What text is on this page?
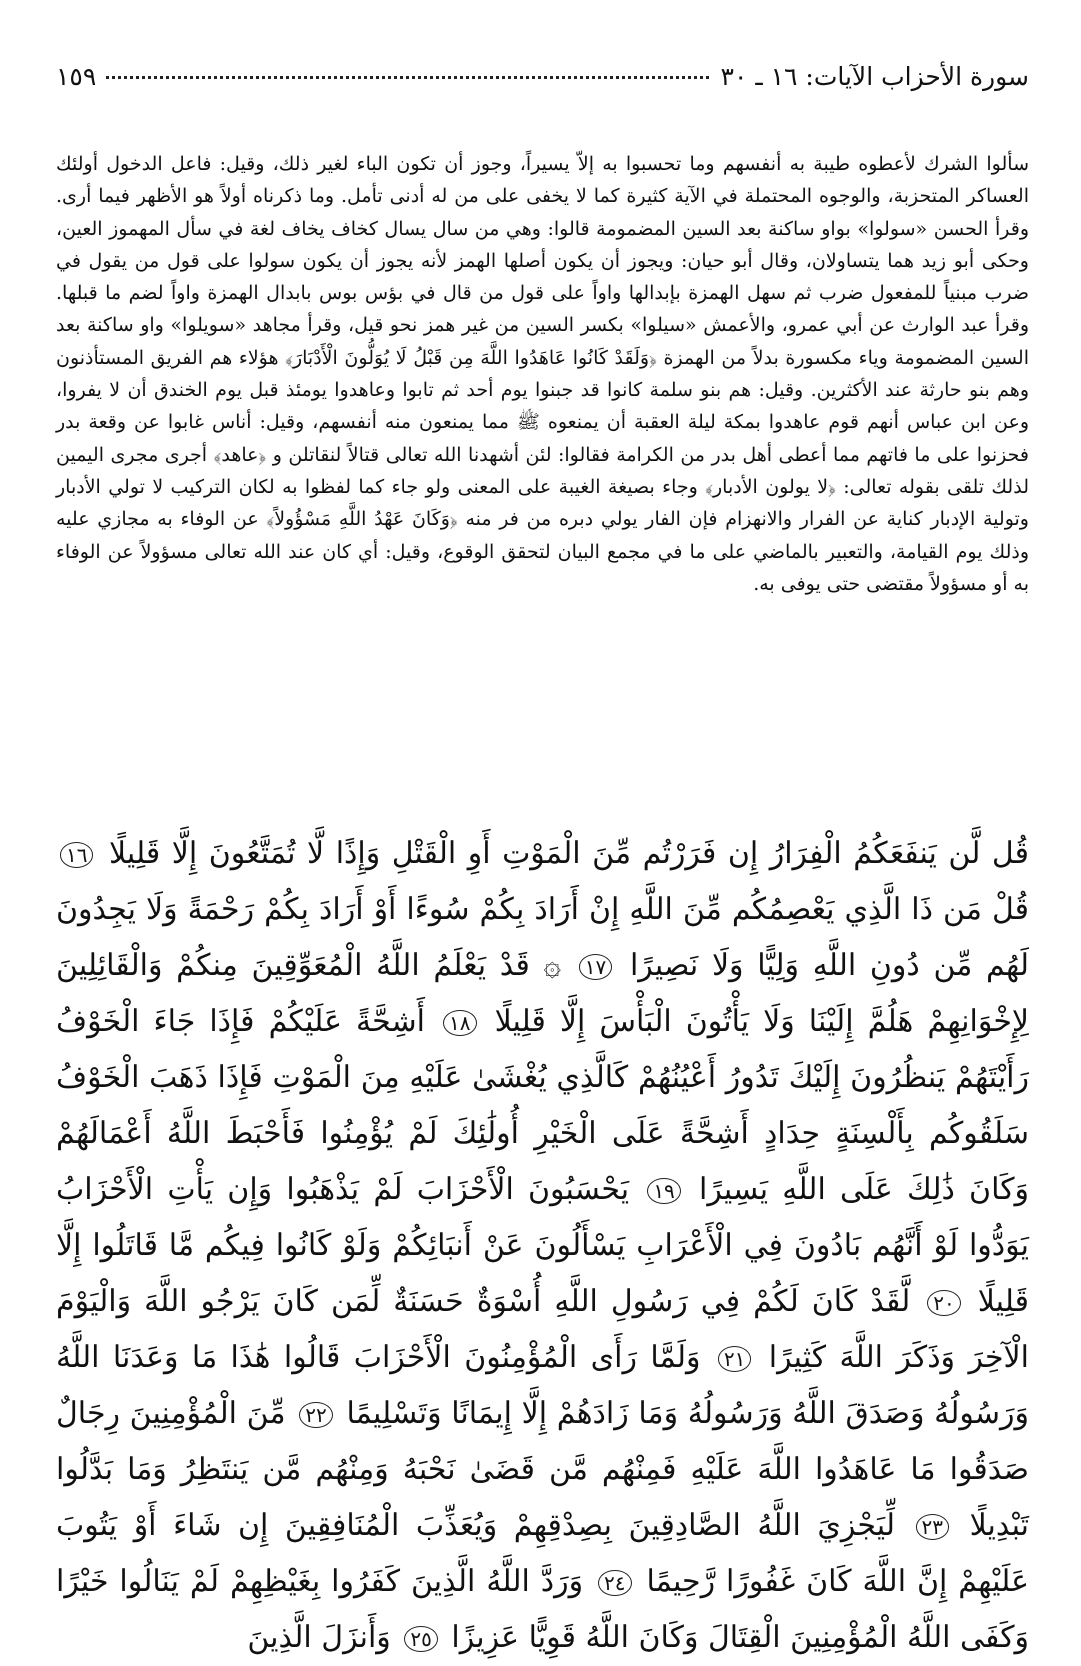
سورة الأحزاب الآيات: ١٦ ـ ٣٠
١٥٩
سألوا الشرك لأعطوه طيبة به أنفسهم وما تحسبوا به إلاّ يسيراً، وجوز أن تكون الباء لغير ذلك، وقيل: فاعل الدخول أولئك العساكر المتحزبة، والوجوه المحتملة في الآية كثيرة كما لا يخفى على من له أدنى تأمل. وما ذكرناه أولاً هو الأظهر فيما أرى. وقرأ الحسن «سولوا» بواو ساكنة بعد السين المضمومة قالوا: وهي من سال يسال كخاف يخاف لغة في سأل المهموز العين، وحكى أبو زيد هما يتساولان، وقال أبو حيان: ويجوز أن يكون أصلها الهمز لأنه يجوز أن يكون سولوا على قول من يقول في ضرب مبنياً للمفعول ضرب ثم سهل الهمزة بإبدالها واواً على قول من قال في بؤس بوس بابدال الهمزة واواً لضم ما قبلها. وقرأ عبد الوارث عن أبي عمرو، والأعمش «سيلوا» بكسر السين من غير همز نحو قيل، وقرأ مجاهد «سويلوا» واو ساكنة بعد السين المضمومة وياء مكسورة بدلاً من الهمزة ﴿وَلَقَدْ كَانُوا عَاهَدُوا اللَّهَ مِن قَبْلُ لَا يُوَلُّونَ الْأَدْبَارَ﴾ هؤلاء هم الفريق المستأذنون وهم بنو حارثة عند الأكثرين. وقيل: هم بنو سلمة كانوا قد جبنوا يوم أحد ثم تابوا وعاهدوا يومئذ قبل يوم الخندق أن لا يفروا، وعن ابن عباس أنهم قوم عاهدوا بمكة ليلة العقبة أن يمنعوه ﷺ مما يمنعون منه أنفسهم، وقيل: أناس غابوا عن وقعة بدر فحزنوا على ما فاتهم مما أعطى أهل بدر من الكرامة فقالوا: لئن أشهدنا الله تعالى قتالاً لنقاتلن و ﴿عاهد﴾ أجرى مجرى اليمين لذلك تلقى بقوله تعالى: ﴿لا يولون الأدبار﴾ وجاء بصيغة الغيبة على المعنى ولو جاء كما لفظوا به لكان التركيب لا تولي الأدبار وتولية الإدبار كناية عن الفرار والانهزام فإن الفار يولي دبره من فر منه ﴿وَكَانَ عَهْدُ اللَّهِ مَسْؤُولاً﴾ عن الوفاء به مجازي عليه وذلك يوم القيامة، والتعبير بالماضي على ما في مجمع البيان لتحقق الوقوع، وقيل: أي كان عند الله تعالى مسؤولاً عن الوفاء به أو مسؤولاً مقتضى حتى يوفى به.
قُل لَّن يَنفَعَكُمُ الْفِرَارُ إِن فَرَرْتُم مِّنَ الْمَوْتِ أَوِ الْقَتْلِ وَإِذًا لَّا تُمَتَّعُونَ إِلَّا قَلِيلًا ١٦ قُلْ مَن ذَا الَّذِي يَعْصِمُكُم مِّنَ اللَّهِ إِنْ أَرَادَ بِكُمْ سُوءًا أَوْ أَرَادَ بِكُمْ رَحْمَةً وَلَا يَجِدُونَ لَهُم مِّن دُونِ اللَّهِ وَلِيًّا وَلَا نَصِيرًا ١٧ ۞ قَدْ يَعْلَمُ اللَّهُ الْمُعَوِّقِينَ مِنكُمْ وَالْقَائِلِينَ لِإِخْوَانِهِمْ هَلُمَّ إِلَيْنَا وَلَا يَأْتُونَ الْبَأْسَ إِلَّا قَلِيلًا ١٨ أَشِحَّةً عَلَيْكُمْ فَإِذَا جَاءَ الْخَوْفُ رَأَيْتَهُمْ يَنظُرُونَ إِلَيْكَ تَدُورُ أَعْيُنُهُمْ كَالَّذِي يُغْشَىٰ عَلَيْهِ مِنَ الْمَوْتِ فَإِذَا ذَهَبَ الْخَوْفُ سَلَقُوكُم بِأَلْسِنَةٍ حِدَادٍ أَشِحَّةً عَلَى الْخَيْرِ أُولَٰئِكَ لَمْ يُؤْمِنُوا فَأَحْبَطَ اللَّهُ أَعْمَالَهُمْ وَكَانَ ذَٰلِكَ عَلَى اللَّهِ يَسِيرًا ١٩ يَحْسَبُونَ الْأَحْزَابَ لَمْ يَذْهَبُوا وَإِن يَأْتِ الْأَحْزَابُ يَوَدُّوا لَوْ أَنَّهُم بَادُونَ فِي الْأَعْرَابِ يَسْأَلُونَ عَنْ أَنبَائِكُمْ وَلَوْ كَانُوا فِيكُم مَّا قَاتَلُوا إِلَّا قَلِيلًا ٢٠ لَّقَدْ كَانَ لَكُمْ فِي رَسُولِ اللَّهِ أُسْوَةٌ حَسَنَةٌ لِّمَن كَانَ يَرْجُو اللَّهَ وَالْيَوْمَ الْآخِرَ وَذَكَرَ اللَّهَ كَثِيرًا ٢١ وَلَمَّا رَأَى الْمُؤْمِنُونَ الْأَحْزَابَ قَالُوا هَٰذَا مَا وَعَدَنَا اللَّهُ وَرَسُولُهُ وَصَدَقَ اللَّهُ وَرَسُولُهُ وَمَا زَادَهُمْ إِلَّا إِيمَانًا وَتَسْلِيمًا ٢٢ مِّنَ الْمُؤْمِنِينَ رِجَالٌ صَدَقُوا مَا عَاهَدُوا اللَّهَ عَلَيْهِ فَمِنْهُم مَّن قَضَىٰ نَحْبَهُ وَمِنْهُم مَّن يَنتَظِرُ وَمَا بَدَّلُوا تَبْدِيلًا ٢٣ لِّيَجْزِيَ اللَّهُ الصَّادِقِينَ بِصِدْقِهِمْ وَيُعَذِّبَ الْمُنَافِقِينَ إِن شَاءَ أَوْ يَتُوبَ عَلَيْهِمْ إِنَّ اللَّهَ كَانَ غَفُورًا رَّحِيمًا ٢٤ وَرَدَّ اللَّهُ الَّذِينَ كَفَرُوا بِغَيْظِهِمْ لَمْ يَنَالُوا خَيْرًا وَكَفَى اللَّهُ الْمُؤْمِنِينَ الْقِتَالَ وَكَانَ اللَّهُ قَوِيًّا عَزِيزًا ٢٥ وَأَنزَلَ الَّذِينَ
